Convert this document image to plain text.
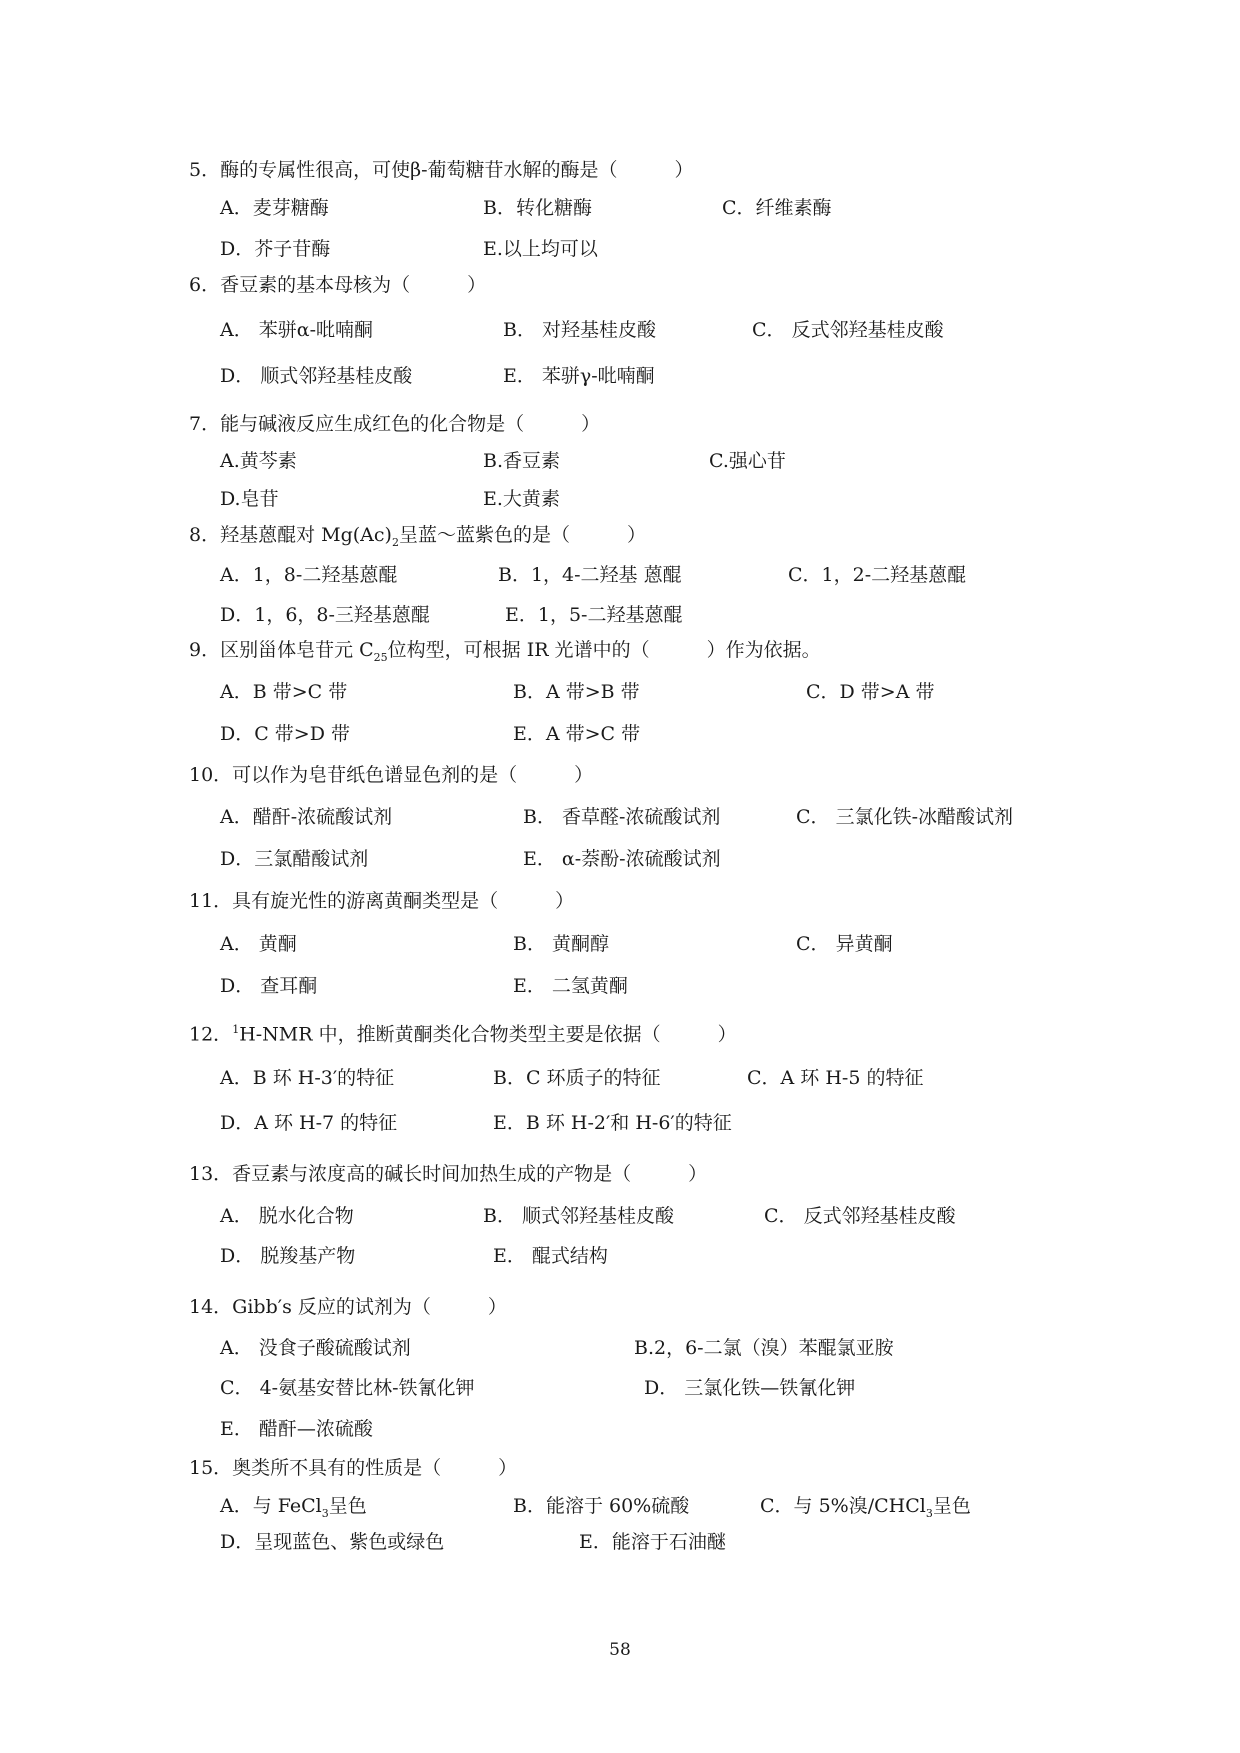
5．酶的专属性很高，可使β-葡萄糖苷水解的酶是（　　　）
A．麦芽糖酶	B．转化糖酶	C．纤维素酶
D．芥子苷酶	E.以上均可以
6．香豆素的基本母核为（　　　）
A． 苯骈α-吡喃酮	B． 对羟基桂皮酸	C． 反式邻羟基桂皮酸
D． 顺式邻羟基桂皮酸	E． 苯骈γ-吡喃酮
7．能与碱液反应生成红色的化合物是（　　　）
A.黄芩素	B.香豆素	C.强心苷
D.皂苷	E.大黄素
8．羟基蒽醌对 $Mg(Ac)_2$呈蓝～蓝紫色的是（　　　）
A．1，8-二羟基蒽醌	B．1，4-二羟基 蒽醌	C．1，2-二羟基蒽醌
D．1，6，8-三羟基蒽醌	E．1，5-二羟基蒽醌
9．区别甾体皂苷元 $C_{25}$位构型，可根据 IR 光谱中的（　　　）作为依据。
A．B 带>C 带	B．A 带>B 带	C．D 带>A 带
D．C 带>D 带	E．A 带>C 带
10．可以作为皂苷纸色谱显色剂的是（　　　）
A．醋酐-浓硫酸试剂	B． 香草醛-浓硫酸试剂	C． 三氯化铁-冰醋酸试剂
D．三氯醋酸试剂	E． α-萘酚-浓硫酸试剂
11．具有旋光性的游离黄酮类型是（　　　）
A． 黄酮	B． 黄酮醇	C． 异黄酮
D． 查耳酮	E． 二氢黄酮
12．$^1$H-NMR 中，推断黄酮类化合物类型主要是依据（　　　）
A．B 环 H-3′的特征	B．C 环质子的特征	C．A 环 H-5 的特征
D．A 环 H-7 的特征	E．B 环 H-2′和 H-6′的特征
13．香豆素与浓度高的碱长时间加热生成的产物是（　　　）
A． 脱水化合物	B． 顺式邻羟基桂皮酸	C． 反式邻羟基桂皮酸
D． 脱羧基产物	E． 醌式结构
14．Gibb′s 反应的试剂为（　　　）
A． 没食子酸硫酸试剂	B.2，6-二氯（溴）苯醌氯亚胺
C． 4-氨基安替比林-铁氰化钾	D． 三氯化铁—铁氰化钾
E． 醋酐—浓硫酸
15．奥类所不具有的性质是（　　　）
A．与 FeCl$_3$呈色	B．能溶于 60%硫酸	C．与 5%溴/CHCl$_3$呈色
D．呈现蓝色、紫色或绿色	E．能溶于石油醚
58
